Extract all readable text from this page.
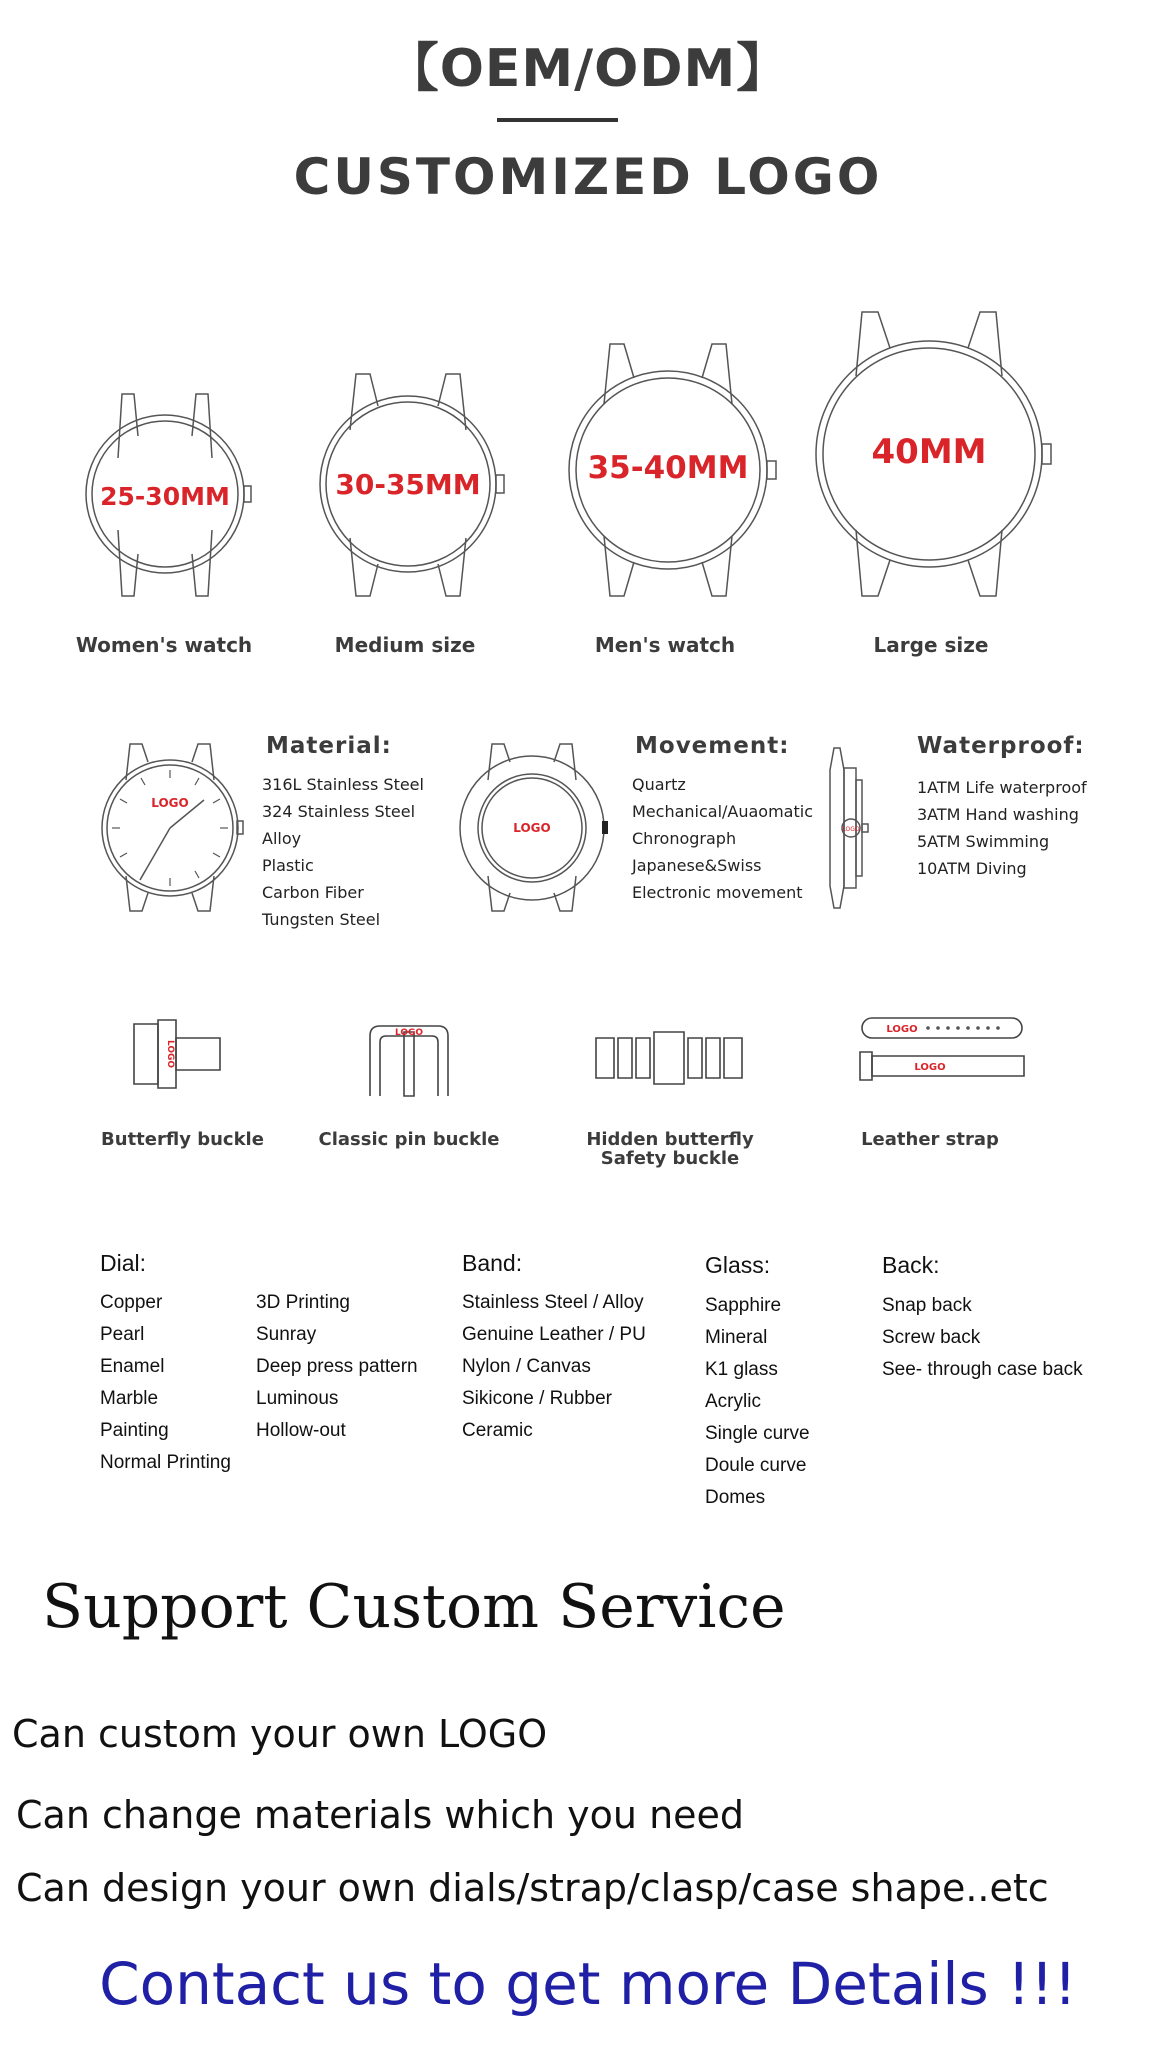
【OEM/ODM】
CUSTOMIZED LOGO
25-30MM
Women's watch
30-35MM
Medium size
35-40MM
Men's watch
40MM
Large size
LOGO
Material:
316L Stainless Steel
324 Stainless Steel
Alloy
Plastic
Carbon Fiber
Tungsten Steel
LOGO
Movement:
Quartz
Mechanical/Auaomatic
Chronograph
Japanese&Swiss
Electronic movement
LOGO
Waterproof:
1ATM Life waterproof
3ATM Hand washing
5ATM Swimming
10ATM Diving
LOGO
Butterfly buckle
LOGO
Classic pin buckle	Hidden butterfly
Safety buckle
LOGO
LOGO
Leather strap
Dial:
Copper
Pearl
Enamel
Marble
Painting
Normal Printing
3D Printing
Sunray
Deep press pattern
Luminous
Hollow-out
Band:
Stainless Steel / Alloy
Genuine Leather / PU
Nylon / Canvas
Sikicone / Rubber
Ceramic
Glass:
Sapphire
Mineral
K1 glass
Acrylic
Single curve
Doule curve
Domes
Back:
Snap back
Screw back
See- through case back
Support Custom Service
Can custom your own LOGO
Can change materials which you need
Can design your own dials/strap/clasp/case shape..etc
Contact us to get more Details !!!
